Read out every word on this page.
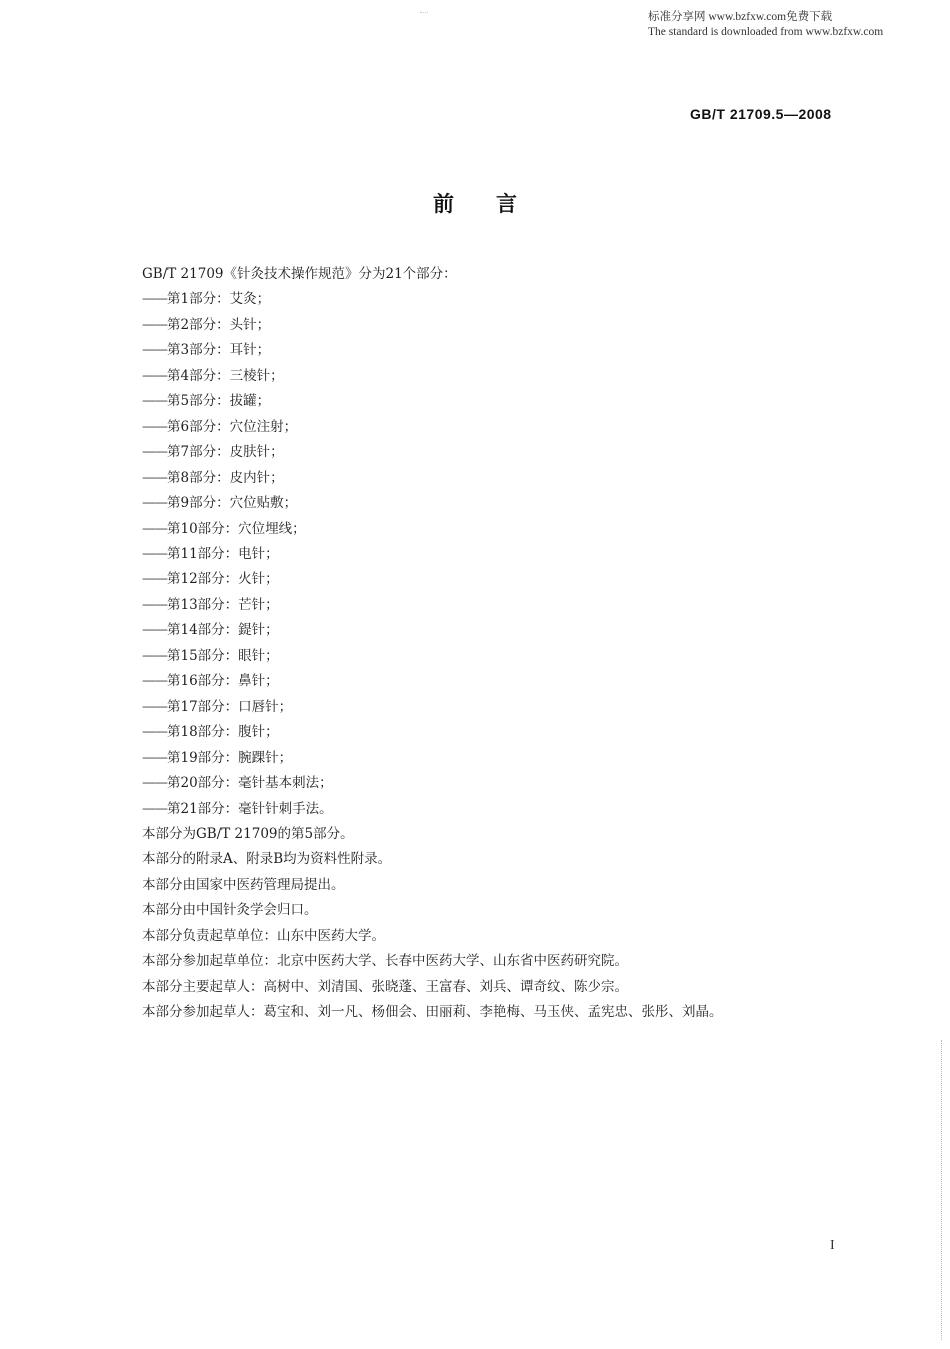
标准分享网 www.bzfxw.com免费下载
The standard is downloaded from www.bzfxw.com
GB/T 21709.5—2008
前言
GB/T 21709《针灸技术操作规范》分为21个部分：
——第1部分：艾灸；
——第2部分：头针；
——第3部分：耳针；
——第4部分：三棱针；
——第5部分：拔罐；
——第6部分：穴位注射；
——第7部分：皮肤针；
——第8部分：皮内针；
——第9部分：穴位贴敷；
——第10部分：穴位埋线；
——第11部分：电针；
——第12部分：火针；
——第13部分：芒针；
——第14部分：鍉针；
——第15部分：眼针；
——第16部分：鼻针；
——第17部分：口唇针；
——第18部分：腹针；
——第19部分：腕踝针；
——第20部分：毫针基本刺法；
——第21部分：毫针针刺手法。
本部分为GB/T 21709的第5部分。
本部分的附录A、附录B均为资料性附录。
本部分由国家中医药管理局提出。
本部分由中国针灸学会归口。
本部分负责起草单位：山东中医药大学。
本部分参加起草单位：北京中医药大学、长春中医药大学、山东省中医药研究院。
本部分主要起草人：高树中、刘清国、张晓蓬、王富春、刘兵、谭奇纹、陈少宗。
本部分参加起草人：葛宝和、刘一凡、杨佃会、田丽莉、李艳梅、马玉侠、孟宪忠、张彤、刘晶。
I
